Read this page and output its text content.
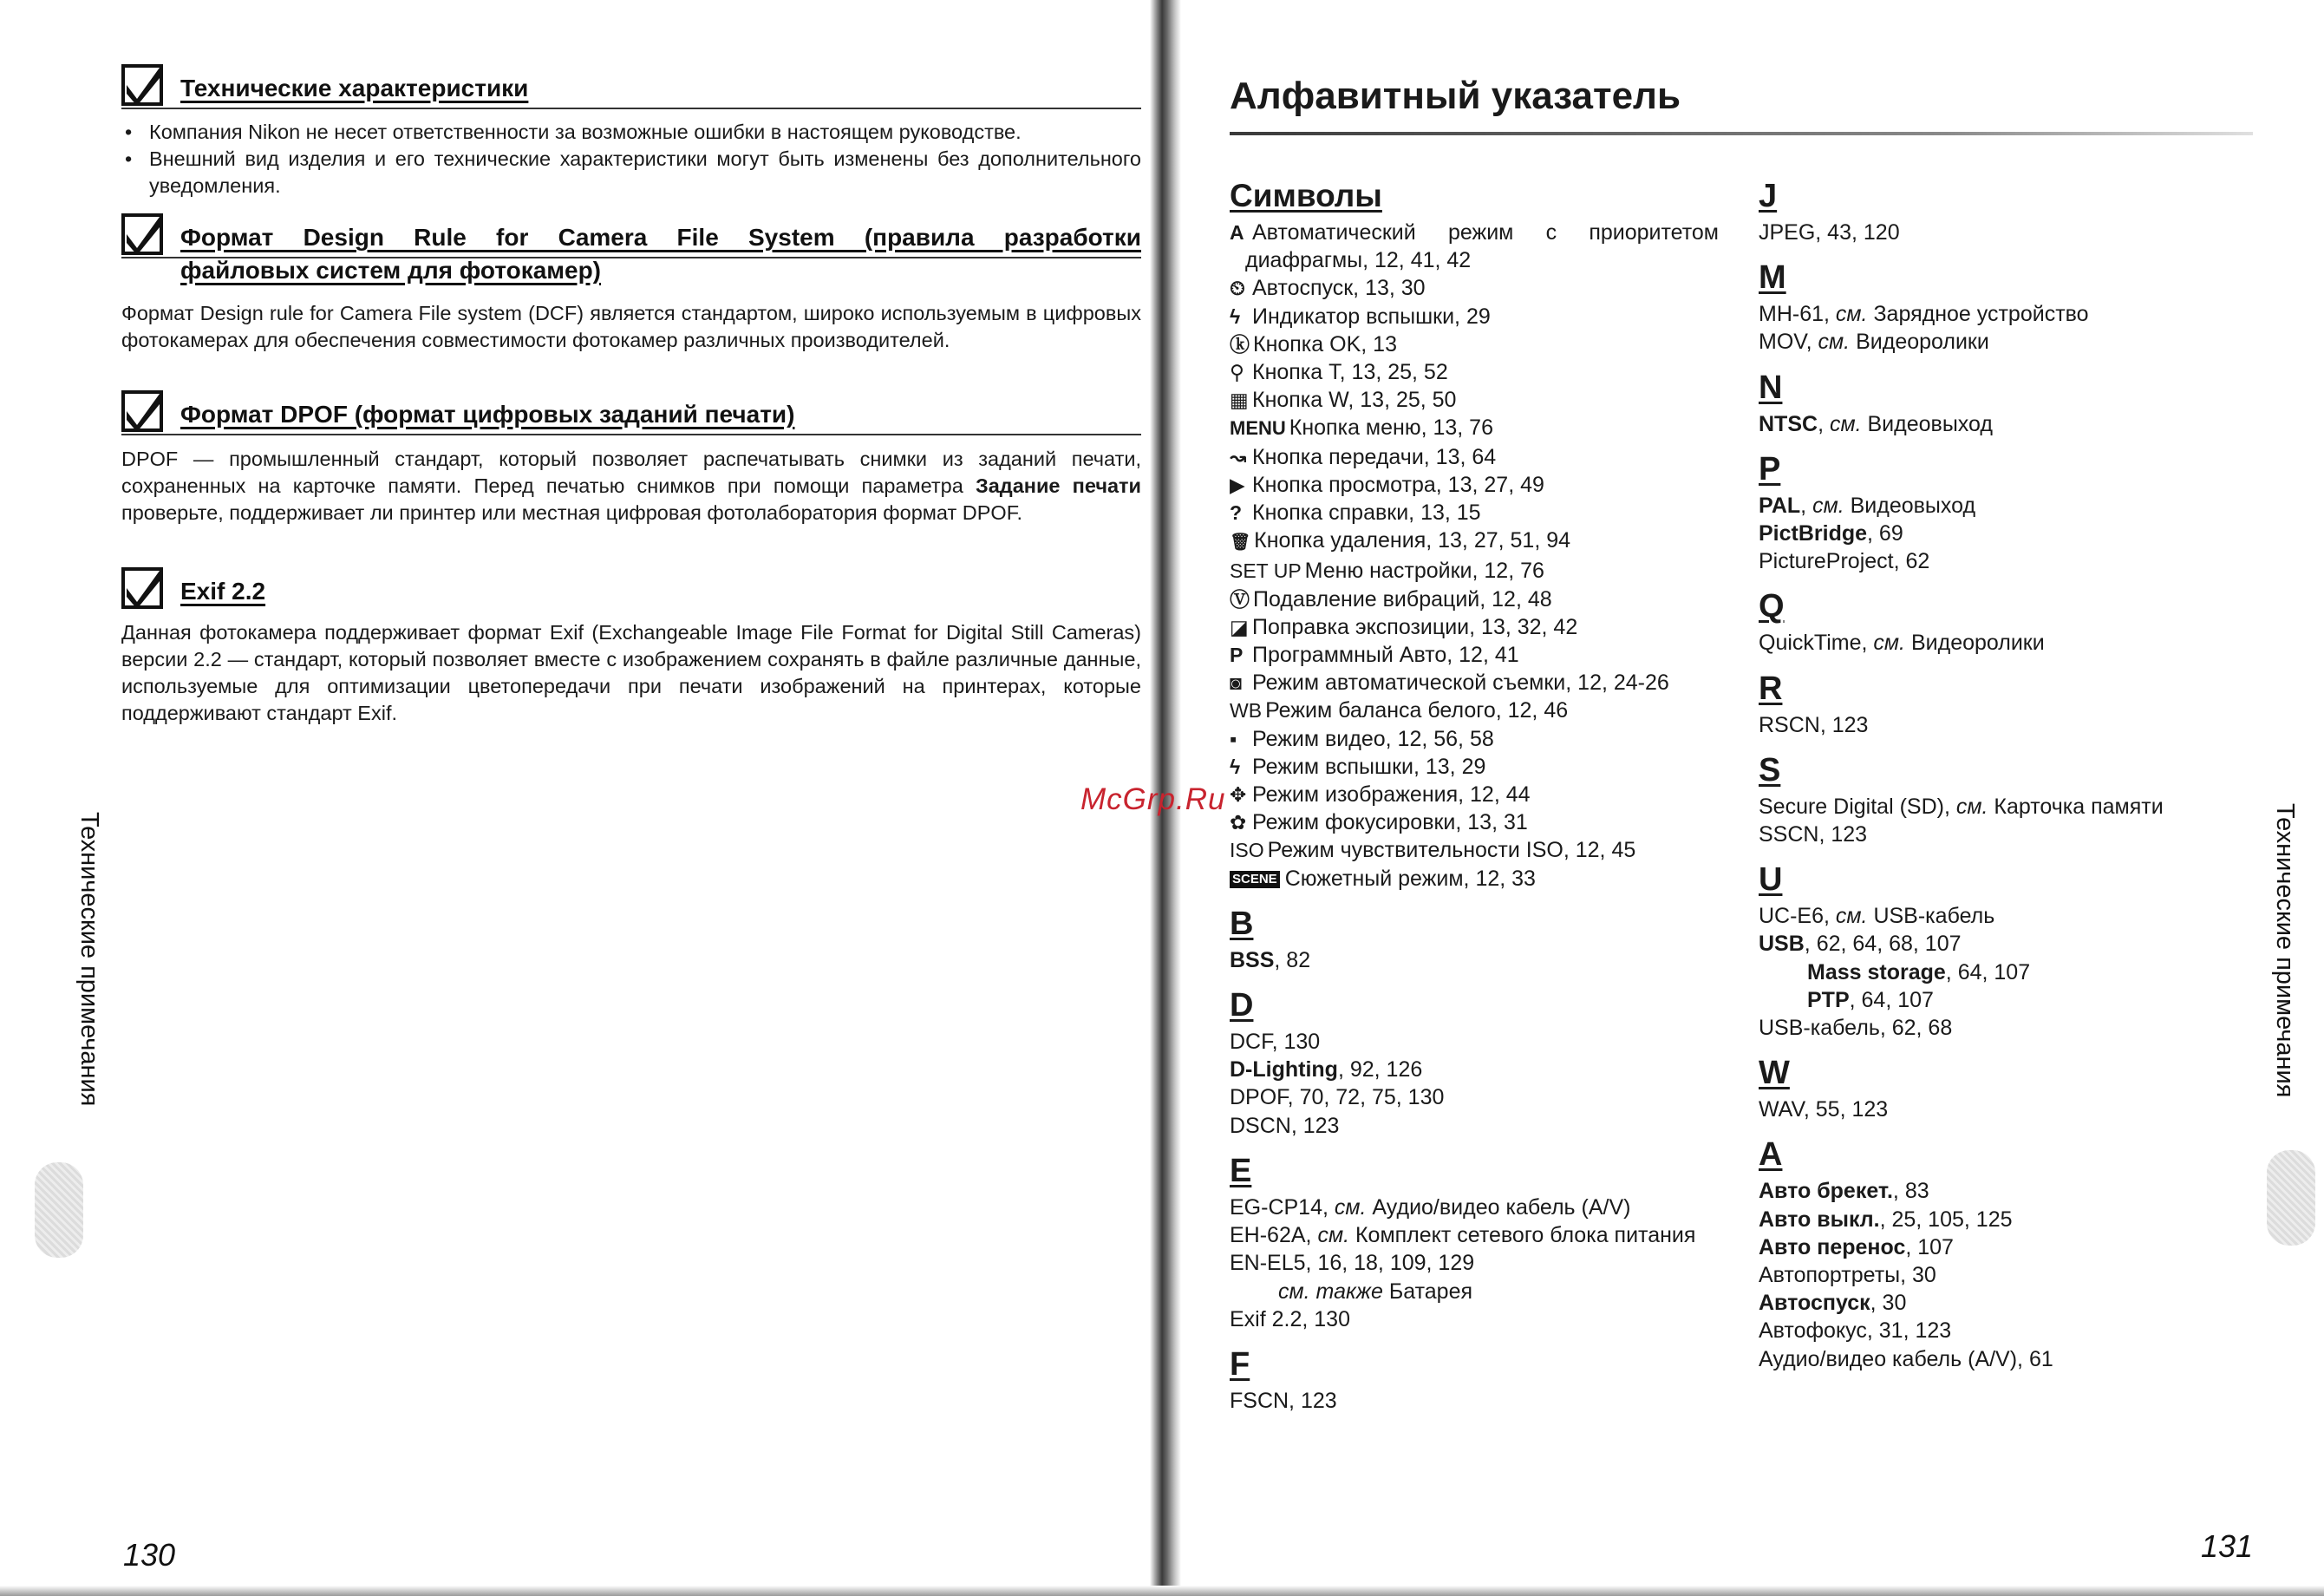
Технические характеристики
• Компания Nikon не несет ответственности за возможные ошибки в настоящем руководстве.
• Внешний вид изделия и его технические характеристики могут быть изменены без дополнительного уведомления.
Формат Design Rule for Camera File System (правила разработки
файловых систем для фотокамер)
Формат Design rule for Camera File system (DCF) является стандартом, широко используемым в цифровых фотокамерах для обеспечения совместимости фотокамер различных производителей.
Формат DPOF (формат цифровых заданий печати)
DPOF — промышленный стандарт, который позволяет распечатывать снимки из заданий печати, сохраненных на карточке памяти. Перед печатью снимков при помощи параметра Задание печати проверьте, поддерживает ли принтер или местная цифровая фотолаборатория формат DPOF.
Exif 2.2
Данная фотокамера поддерживает формат Exif (Exchangeable Image File Format for Digital Still Cameras) версии 2.2 — стандарт, который позволяет вместе с изображением сохранять в файле различные данные, используемые для оптимизации цветопередачи при печати изображений на принтерах, которые поддерживают стандарт Exif.
Технические примечания
130
Алфавитный указатель
Символы
A Автоматический режим с приоритетом диафрагмы, 12, 41, 42
⏲ Автоспуск, 13, 30
ϟ Индикатор вспышки, 29
ⓚ Кнопка OK, 13
⚲ Кнопка T, 13, 25, 52
▦ Кнопка W, 13, 25, 50
MENU Кнопка меню, 13, 76
↝ Кнопка передачи, 13, 64
▶ Кнопка просмотра, 13, 27, 49
? Кнопка справки, 13, 15
🗑 Кнопка удаления, 13, 27, 51, 94
SET UP Меню настройки, 12, 76
Ⓥ Подавление вибраций, 12, 48
◪ Поправка экспозиции, 13, 32, 42
P Программный Авто, 12, 41
◙ Режим автоматической съемки, 12, 24-26
WB Режим баланса белого, 12, 46
▪ Режим видео, 12, 56, 58
ϟ Режим вспышки, 13, 29
✥ Режим изображения, 12, 44
✿ Режим фокусировки, 13, 31
ISO Режим чувствительности ISO, 12, 45
SCENE Сюжетный режим, 12, 33
B
BSS, 82
D
DCF, 130
D-Lighting, 92, 126
DPOF, 70, 72, 75, 130
DSCN, 123
E
EG-CP14, см. Аудио/видео кабель (A/V)
EH-62A, см. Комплект сетевого блока питания
EN-EL5, 16, 18, 109, 129
см. также Батарея
Exif 2.2, 130
F
FSCN, 123
J
JPEG, 43, 120
M
MH-61, см. Зарядное устройство
MOV, см. Видеоролики
N
NTSC, см. Видеовыход
P
PAL, см. Видеовыход
PictBridge, 69
PictureProject, 62
Q
QuickTime, см. Видеоролики
R
RSCN, 123
S
Secure Digital (SD), см. Карточка памяти
SSCN, 123
U
UC-E6, см. USB-кабель
USB, 62, 64, 68, 107
Mass storage, 64, 107
PTP, 64, 107
USB-кабель, 62, 68
W
WAV, 55, 123
А
Авто брекет., 83
Авто выкл., 25, 105, 125
Авто перенос, 107
Автопортреты, 30
Автоспуск, 30
Автофокус, 31, 123
Аудио/видео кабель (A/V), 61
Технические примечания
131
McGrp.Ru
